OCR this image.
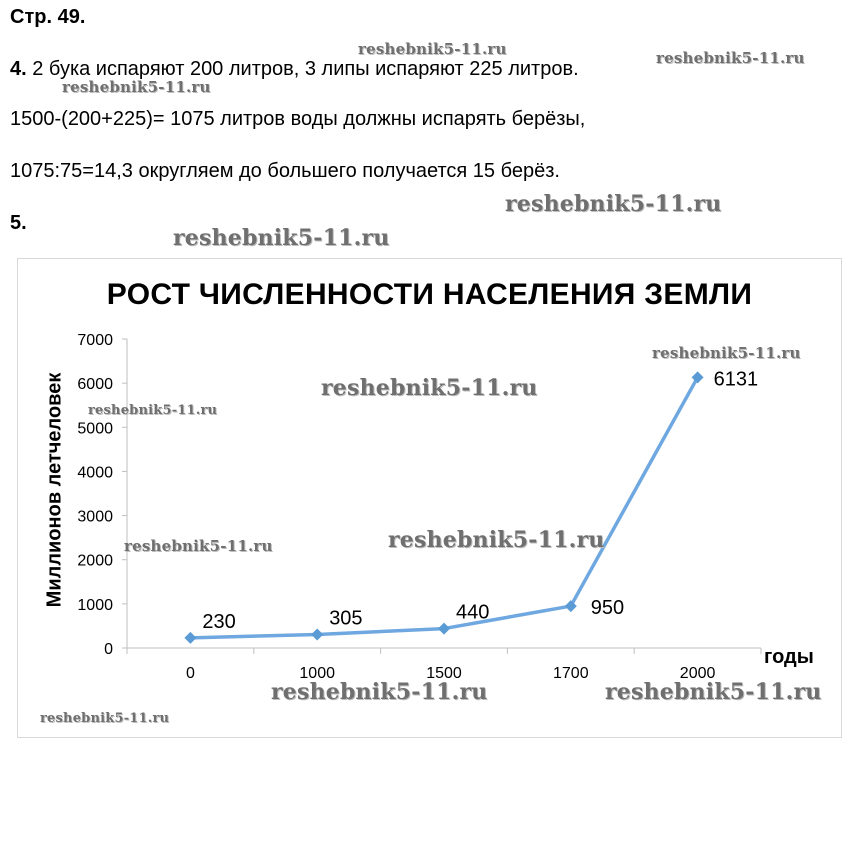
Стр. 49.
4. 2 бука испаряют 200 литров, 3 липы испаряют 225 литров.
1500-(200+225)= 1075 литров воды должны испарять берёзы,
1075:75=14,3 округляем до большего получается 15 берёз.
5.
0
1000
2000
3000
4000
5000
6000
7000
0	1000	1500	1700	2000
230	305	440	950
6131
РОСТ ЧИСЛЕННОСТИ НАСЕЛЕНИЯ ЗЕМЛИ
Миллионов летчеловек
годы
reshebnik5-11.ru	reshebnik5-11.ru
reshebnik5-11.ru
reshebnik5-11.ru
reshebnik5-11.ru
reshebnik5-11.ru
reshebnik5-11.ru
reshebnik5-11.ru
reshebnik5-11.ru
reshebnik5-11.ru
reshebnik5-11.ru	reshebnik5-11.ru
reshebnik5-11.ru
